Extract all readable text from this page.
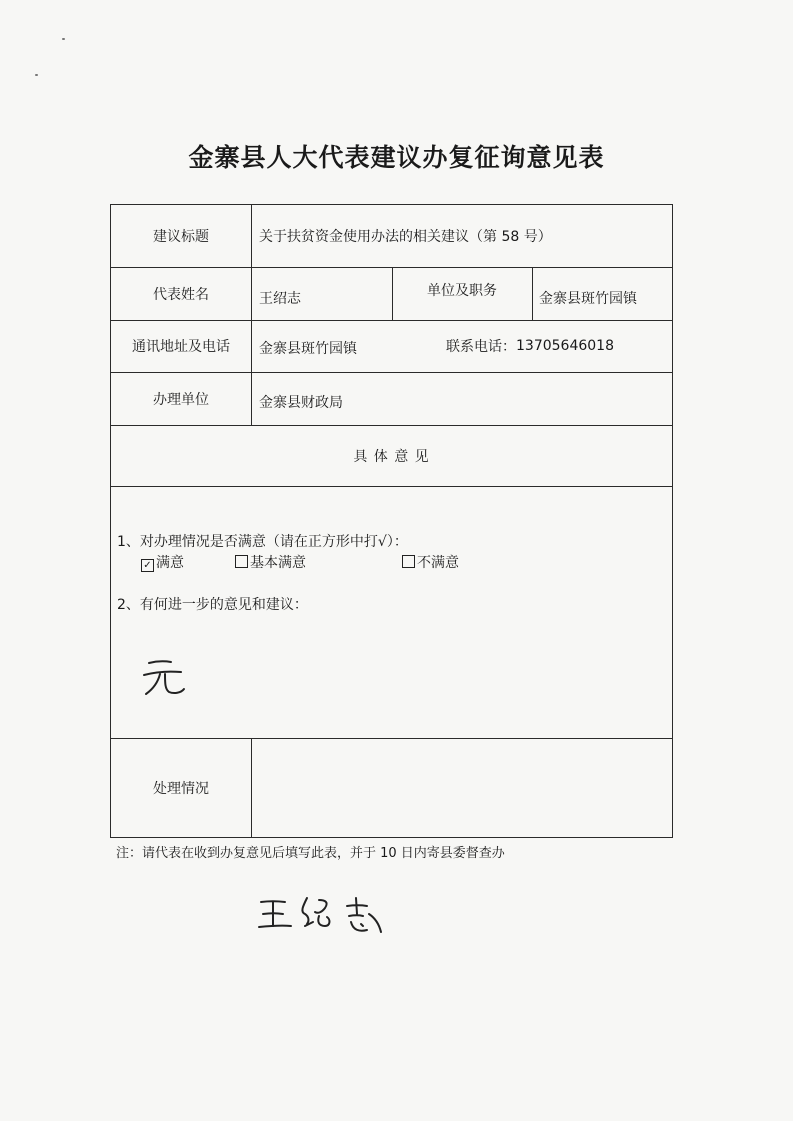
金寨县人大代表建议办复征询意见表
建议标题	关于扶贫资金使用办法的相关建议（第 58 号）
代表姓名	王绍志	单位及职务	金寨县斑竹园镇
通讯地址及电话	金寨县斑竹园镇	联系电话： 13705646018
办理单位	金寨县财政局
具 体 意 见
1、对办理情况是否满意（请在正方形中打√）：
✓ 满意	基本满意	不满意
2、有何进一步的意见和建议：
处理情况
注：请代表在收到办复意见后填写此表，并于 10 日内寄县委督查办
